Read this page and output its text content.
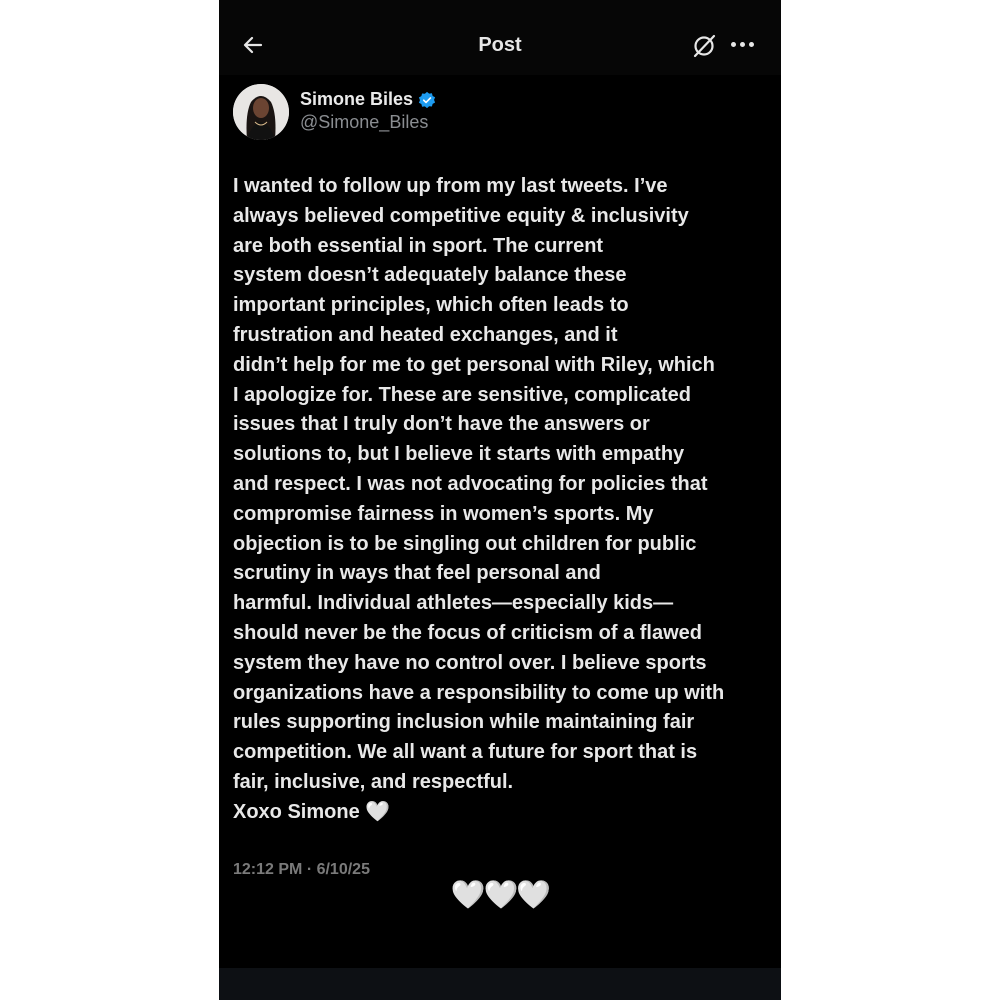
Post
Simone Biles
@Simone_Biles
I wanted to follow up from my last tweets. I’ve
always believed competitive equity & inclusivity
are both essential in sport. The current
system doesn’t adequately balance these
important principles, which often leads to
frustration and heated exchanges, and it
didn’t help for me to get personal with Riley, which
I apologize for. These are sensitive, complicated
issues that I truly don’t have the answers or
solutions to, but I believe it starts with empathy
and respect. I was not advocating for policies that
compromise fairness in women’s sports. My
objection is to be singling out children for public
scrutiny in ways that feel personal and
harmful. Individual athletes—especially kids—
should never be the focus of criticism of a flawed
system they have no control over. I believe sports
organizations have a responsibility to come up with
rules supporting inclusion while maintaining fair
competition. We all want a future for sport that is
fair, inclusive, and respectful.
Xoxo Simone 🤍
12:12 PM · 6/10/25
🤍🤍🤍
